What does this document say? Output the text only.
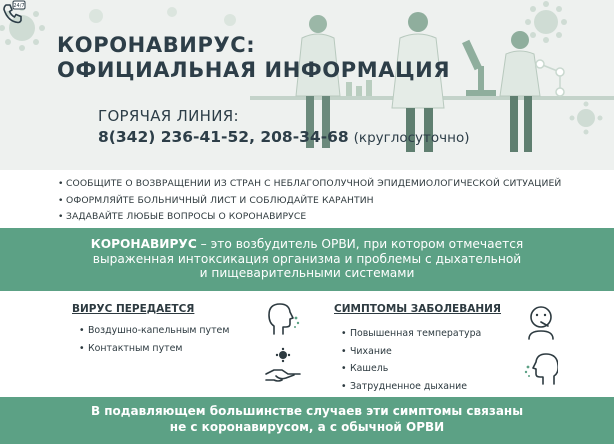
КОРОНАВИРУС:
ОФИЦИАЛЬНАЯ ИНФОРМАЦИЯ
24/7
ГОРЯЧАЯ ЛИНИЯ:
8(342) 236-41-52, 208-34-68 (круглосуточно)
• СООБЩИТЕ О ВОЗВРАЩЕНИИ ИЗ СТРАН С НЕБЛАГОПОЛУЧНОЙ ЭПИДЕМИОЛОГИЧЕСКОЙ СИТУАЦИЕЙ
• ОФОРМЛЯЙТЕ БОЛЬНИЧНЫЙ ЛИСТ И СОБЛЮДАЙТЕ КАРАНТИН
• ЗАДАВАЙТЕ ЛЮБЫЕ ВОПРОСЫ О КОРОНАВИРУСЕ
КОРОНАВИРУС – это возбудитель ОРВИ, при котором отмечается
выраженная интоксикация организма и проблемы с дыхательной
и пищеварительными системами
ВИРУС ПЕРЕДАЕТСЯ
• Воздушно-капельным путем
• Контактным путем
СИМПТОМЫ ЗАБОЛЕВАНИЯ
• Повышенная температура
• Чихание
• Кашель
• Затрудненное дыхание
В подавляющем большинстве случаев эти симптомы связаны
не с коронавирусом, а с обычной ОРВИ
